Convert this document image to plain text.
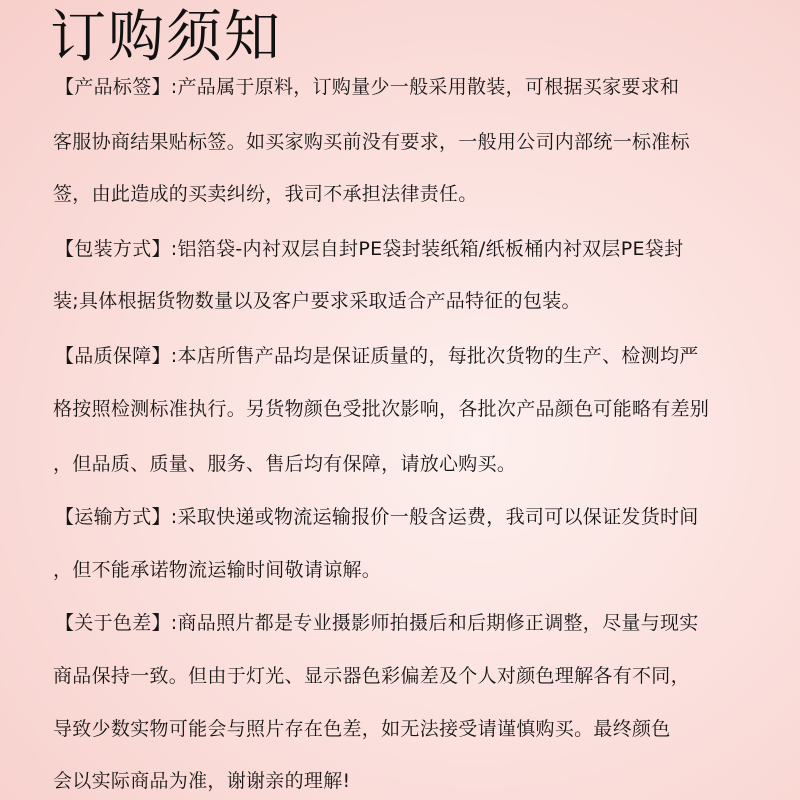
订购须知
【产品标签】:产品属于原料，订购量少一般采用散装，可根据买家要求和
客服协商结果贴标签。如买家购买前没有要求，一般用公司内部统一标准标
签，由此造成的买卖纠纷，我司不承担法律责任。
【包装方式】:铝箔袋-内衬双层自封PE袋封装纸箱/纸板桶内衬双层PE袋封
装;具体根据货物数量以及客户要求采取适合产品特征的包装。
【品质保障】:本店所售产品均是保证质量的，每批次货物的生产、检测均严
格按照检测标准执行。另货物颜色受批次影响，各批次产品颜色可能略有差别
，但品质、质量、服务、售后均有保障，请放心购买。
【运输方式】:采取快递或物流运输报价一般含运费，我司可以保证发货时间
，但不能承诺物流运输时间敬请谅解。
【关于色差】:商品照片都是专业摄影师拍摄后和后期修正调整，尽量与现实
商品保持一致。但由于灯光、显示器色彩偏差及个人对颜色理解各有不同，
导致少数实物可能会与照片存在色差，如无法接受请谨慎购买。最终颜色
会以实际商品为准，谢谢亲的理解!
